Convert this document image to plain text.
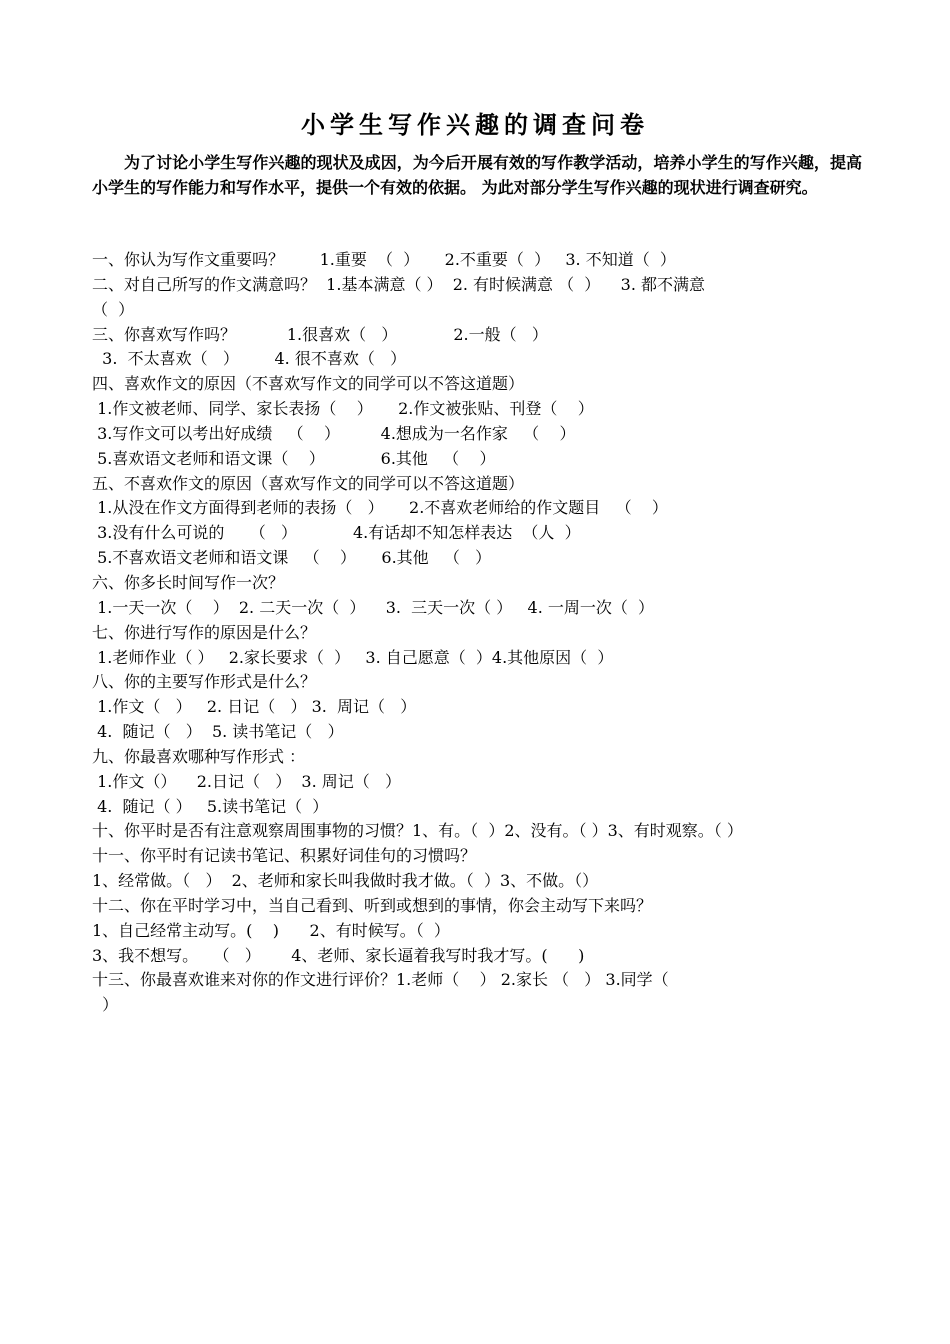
小学生写作兴趣的调查问卷

为了讨论小学生写作兴趣的现状及成因，为今后开展有效的写作教学活动，培养小学生的写作兴趣，提高小学生的写作能力和写作水平，提供一个有效的依据。 为此对部分学生写作兴趣的现状进行调查研究。

一、你认为写作文重要吗？       1.重要  （  ）     2.不重要（  ）   3. 不知道（  ）
二、对自己所写的作文满意吗？  1.基本满意（ ）  2. 有时候满意 （  ）    3. 都不满意
（  ）
三、你喜欢写作吗？          1.很喜欢（   ）           2.一般（   ）
3.  不太喜欢（   ）       4. 很不喜欢（   ）
四、喜欢作文的原因（不喜欢写作文的同学可以不答这道题）
1.作文被老师、同学、家长表扬（    ）     2.作文被张贴、刊登（    ）
3.写作文可以考出好成绩   （    ）        4.想成为一名作家   （    ）
5.喜欢语文老师和语文课（    ）           6.其他   （    ）
五、不喜欢作文的原因（喜欢写作文的同学可以不答这道题）
1.从没在作文方面得到老师的表扬（   ）     2.不喜欢老师给的作文题目   （    ）
3.没有什么可说的     （   ）           4.有话却不知怎样表达  （人  ）
5.不喜欢语文老师和语文课   （    ）     6.其他   （   ）
六、你多长时间写作一次？
1.一天一次（    ）  2. 二天一次（  ）    3.  三天一次（ ）   4. 一周一次（  ）
七、你进行写作的原因是什么？
1.老师作业（ ）   2.家长要求（  ）   3. 自己愿意（  ）4.其他原因（  ）
八、你的主要写作形式是什么？
1.作文（   ）   2. 日记（   ） 3.  周记（   ）
4.  随记（   ）  5. 读书笔记（   ）
九、你最喜欢哪种写作形式 ：
1.作文（）    2.日记（   ）  3. 周记（   ）
4.  随记（ ）   5.读书笔记（  ）
十、你平时是否有注意观察周围事物的习惯？1、有。（  ）2、没有。（ ）3、有时观察。（ ）
十一、你平时有记读书笔记、积累好词佳句的习惯吗？
1、经常做。（   ）  2、老师和家长叫我做时我才做。（  ）3、不做。（）
十二、你在平时学习中，当自己看到、听到或想到的事情，你会主动写下来吗？
1、自己经常主动写。(    )      2、有时候写。（  ）
3、我不想写。   （   ）      4、老师、家长逼着我写时我才写。(      )
十三、你最喜欢谁来对你的作文进行评价？1.老师（    ） 2.家长 （   ） 3.同学（
）
